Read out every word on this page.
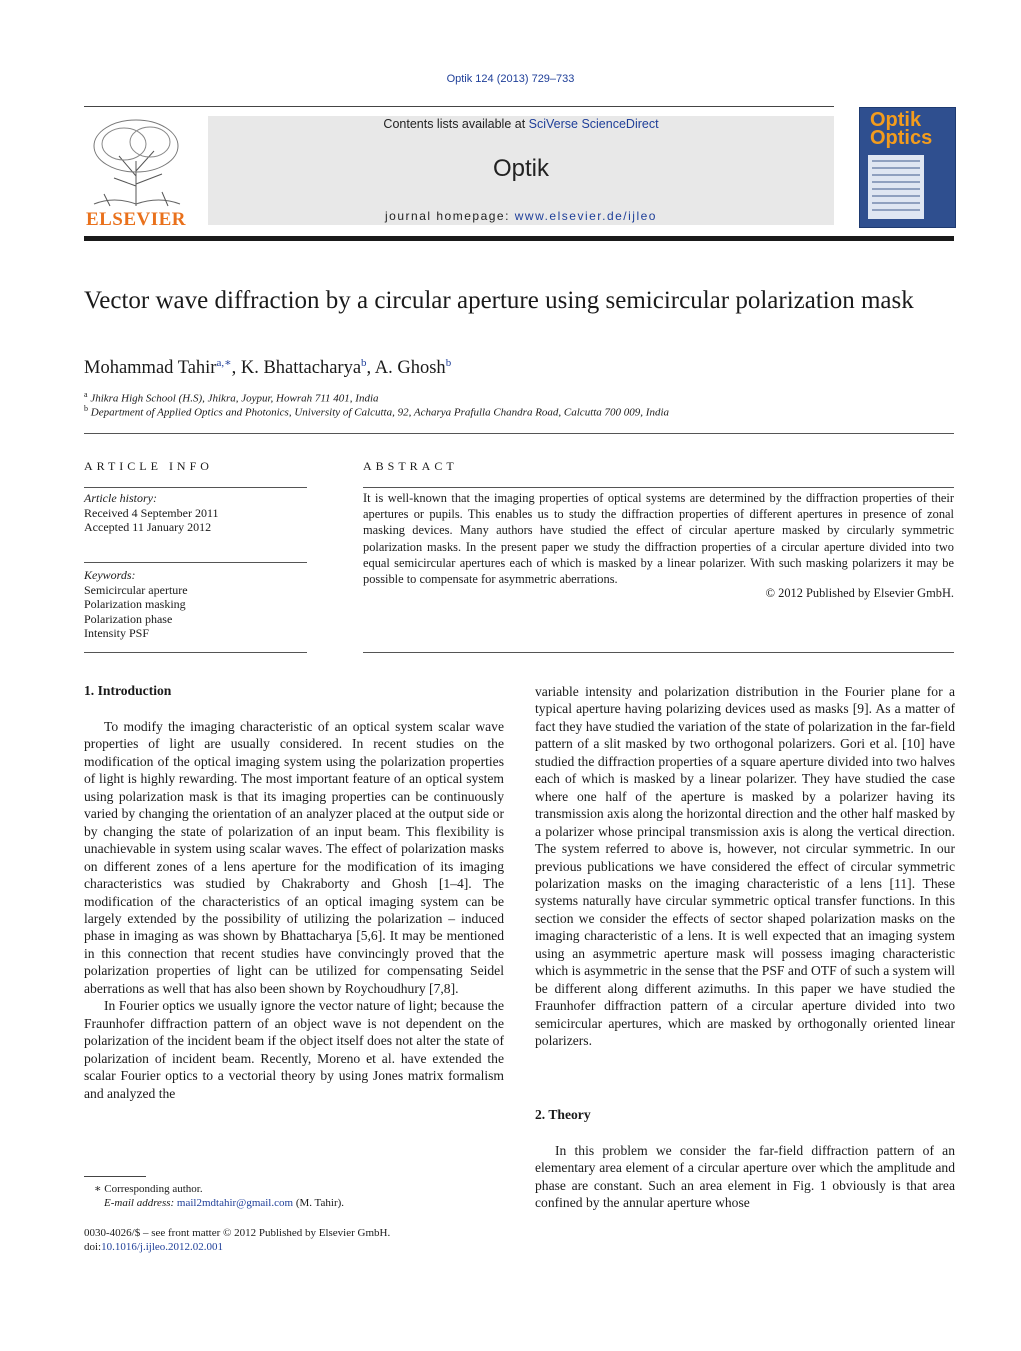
Optik 124 (2013) 729–733
ELSEVIER
Contents lists available at SciVerse ScienceDirect
Optik
journal homepage: www.elsevier.de/ijleo
Optik
Optics
Vector wave diffraction by a circular aperture using semicircular polarization mask
Mohammad Tahir$^{a,∗}$, K. Bhattacharya$^b$, A. Ghosh$^b$
$^a$ Jhikra High School (H.S), Jhikra, Joypur, Howrah 711 401, India
$^b$ Department of Applied Optics and Photonics, University of Calcutta, 92, Acharya Prafulla Chandra Road, Calcutta 700 009, India
ARTICLE INFO
Article history:
Received 4 September 2011
Accepted 11 January 2012
Keywords:
Semicircular aperture
Polarization masking
Polarization phase
Intensity PSF
ABSTRACT
It is well-known that the imaging properties of optical systems are determined by the diffraction properties of their apertures or pupils. This enables us to study the diffraction properties of different apertures in presence of zonal masking devices. Many authors have studied the effect of circular aperture masked by circularly symmetric polarization masks. In the present paper we study the diffraction properties of a circular aperture divided into two equal semicircular apertures each of which is masked by a linear polarizer. With such masking polarizers it may be possible to compensate for asymmetric aberrations.
© 2012 Published by Elsevier GmbH.
1. Introduction

To modify the imaging characteristic of an optical system scalar wave properties of light are usually considered. In recent studies on the modification of the optical imaging system using the polarization properties of light is highly rewarding. The most important feature of an optical system using polarization mask is that its imaging properties can be continuously varied by changing the orientation of an analyzer placed at the output side or by changing the state of polarization of an input beam. This flexibility is unachievable in system using scalar waves. The effect of polarization masks on different zones of a lens aperture for the modification of its imaging characteristics was studied by Chakraborty and Ghosh [1–4]. The modification of the characteristics of an optical imaging system can be largely extended by the possibility of utilizing the polarization – induced phase in imaging as was shown by Bhattacharya [5,6]. It may be mentioned in this connection that recent studies have convincingly proved that the polarization properties of light can be utilized for compensating Seidel aberrations as well that has also been shown by Roychoudhury [7,8].

In Fourier optics we usually ignore the vector nature of light; because the Fraunhofer diffraction pattern of an object wave is not dependent on the polarization of the incident beam if the object itself does not alter the state of polarization of incident beam. Recently, Moreno et al. have extended the scalar Fourier optics to a vectorial theory by using Jones matrix formalism and analyzed the

variable intensity and polarization distribution in the Fourier plane for a typical aperture having polarizing devices used as masks [9]. As a matter of fact they have studied the variation of the state of polarization in the far-field pattern of a slit masked by two orthogonal polarizers. Gori et al. [10] have studied the diffraction properties of a square aperture divided into two halves each of which is masked by a linear polarizer. They have studied the case where one half of the aperture is masked by a polarizer having its transmission axis along the horizontal direction and the other half masked by a polarizer whose principal transmission axis is along the vertical direction. The system referred to above is, however, not circular symmetric. In our previous publications we have considered the effect of circular symmetric polarization masks on the imaging characteristic of a lens [11]. These systems naturally have circular symmetric optical transfer functions. In this section we consider the effects of sector shaped polarization masks on the imaging characteristic of a lens. It is well expected that an imaging system using an asymmetric aperture mask will possess imaging characteristic which is asymmetric in the sense that the PSF and OTF of such a system will be different along different azimuths. In this paper we have studied the Fraunhofer diffraction pattern of a circular aperture divided into two semicircular apertures, which are masked by orthogonally oriented linear polarizers.

2. Theory

In this problem we consider the far-field diffraction pattern of an elementary area element of a circular aperture over which the amplitude and phase are constant. Such an area element in Fig. 1 obviously is that area confined by the annular aperture whose

∗ Corresponding author.
E-mail address: mail2mdtahir@gmail.com (M. Tahir).
0030-4026/$ – see front matter © 2012 Published by Elsevier GmbH.
doi:10.1016/j.ijleo.2012.02.001
